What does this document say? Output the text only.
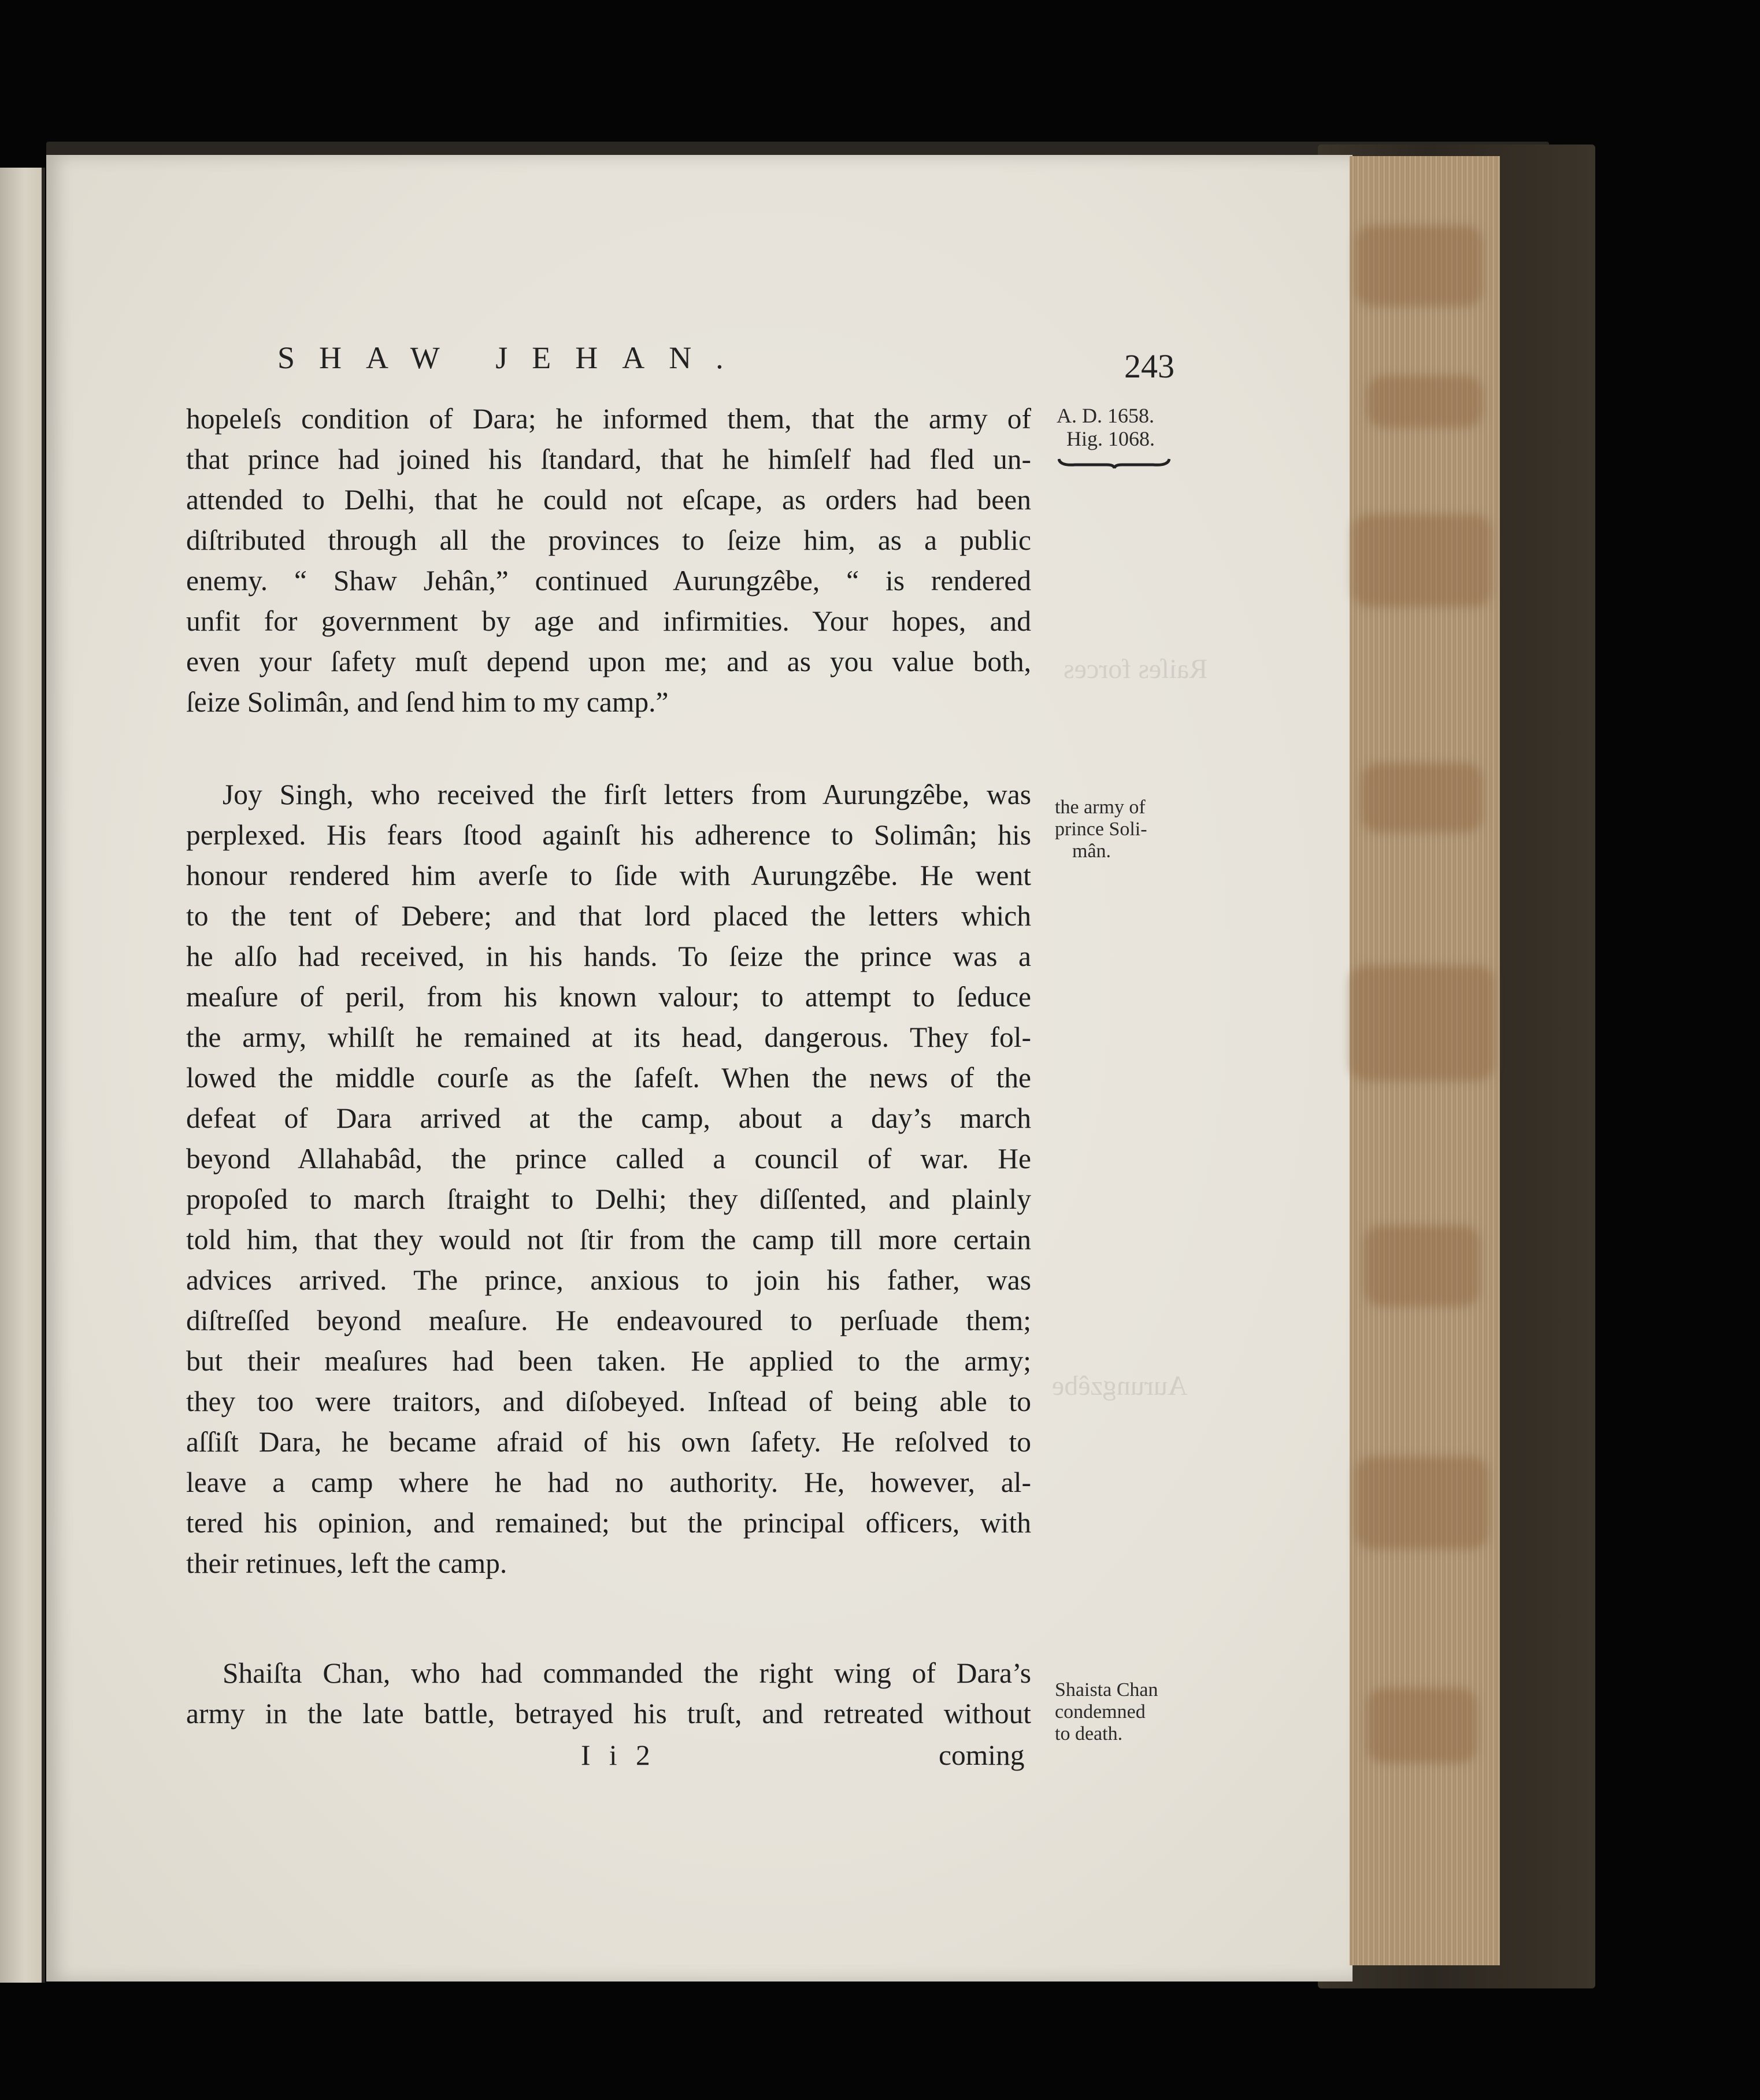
Raiſes forces
Aurungzêbe
SHAW JEHAN.	243
A. D. 1658.
Hig. 1068.
hopeleſs condition of Dara; he informed them, that the army of
that prince had joined his ſtandard, that he himſelf had fled un-
attended to Delhi, that he could not eſcape, as orders had been
diſtributed through all the provinces to ſeize him, as a public
enemy. “ Shaw Jehân,” continued Aurungzêbe, “ is rendered
unfit for government by age and infirmities. Your hopes, and
even your ſafety muſt depend upon me; and as you value both,
ſeize Solimân, and ſend him to my camp.”
Joy Singh, who received the firſt letters from Aurungzêbe, was
perplexed. His fears ſtood againſt his adherence to Solimân; his
honour rendered him averſe to ſide with Aurungzêbe. He went
to the tent of Debere; and that lord placed the letters which
he alſo had received, in his hands. To ſeize the prince was a
meaſure of peril, from his known valour; to attempt to ſeduce
the army, whilſt he remained at its head, dangerous. They fol-
lowed the middle courſe as the ſafeſt. When the news of the
defeat of Dara arrived at the camp, about a day’s march
beyond Allahabâd, the prince called a council of war. He
propoſed to march ſtraight to Delhi; they diſſented, and plainly
told him, that they would not ſtir from the camp till more certain
advices arrived. The prince, anxious to join his father, was
diſtreſſed beyond meaſure. He endeavoured to perſuade them;
but their meaſures had been taken. He applied to the army;
they too were traitors, and diſobeyed. Inſtead of being able to
aſſiſt Dara, he became afraid of his own ſafety. He reſolved to
leave a camp where he had no authority. He, however, al-
tered his opinion, and remained; but the principal officers, with
their retinues, left the camp.
Shaiſta Chan, who had commanded the right wing of Dara’s
army in the late battle, betrayed his truſt, and retreated without
the army of
prince Soli-
mân.
Shaista Chan
condemned
to death.
I i 2	coming
